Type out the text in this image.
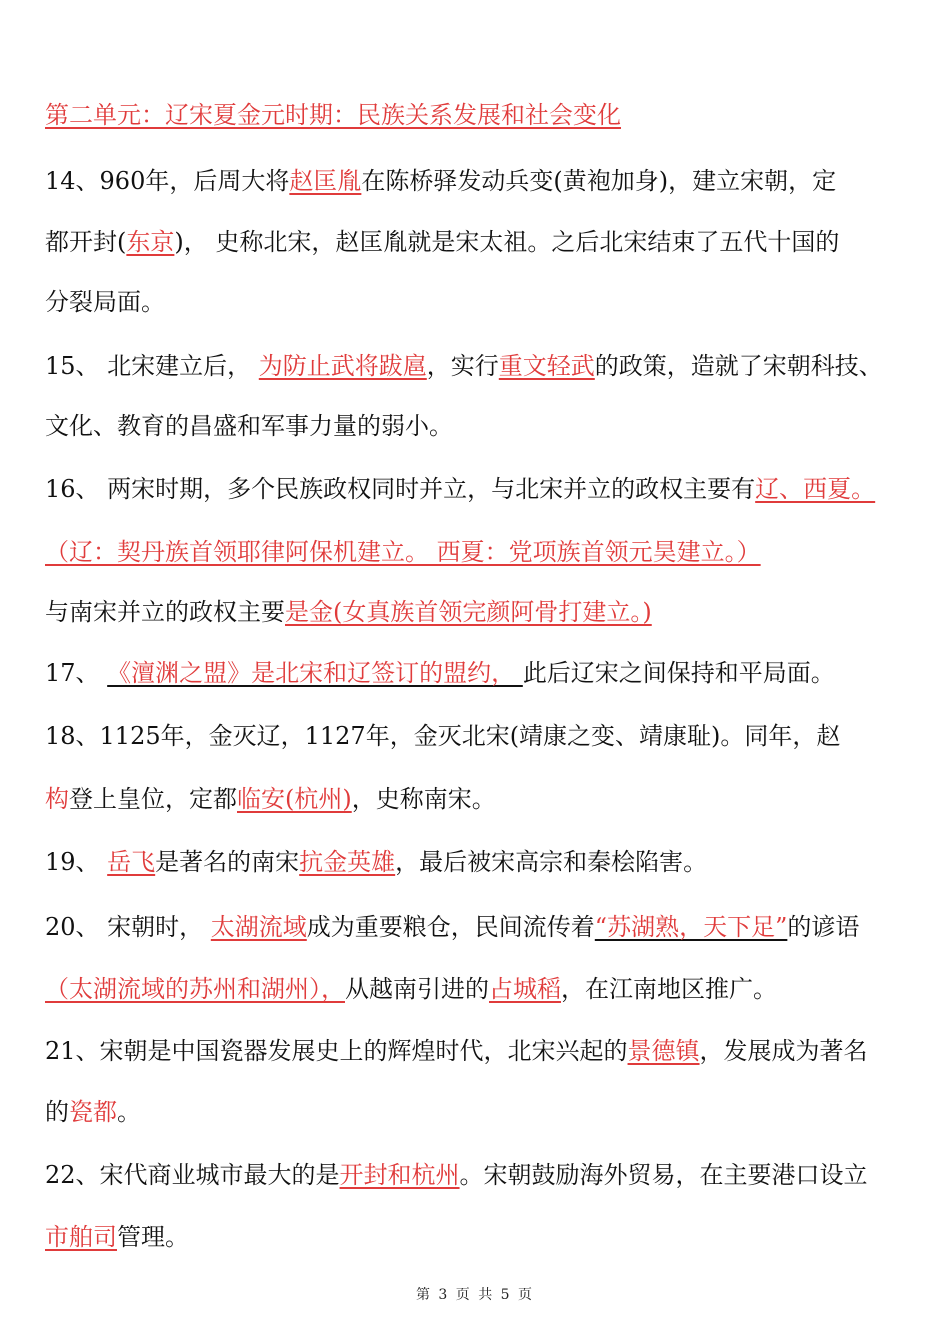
第二单元：辽宋夏金元时期：民族关系发展和社会变化
14、960年，后周大将赵匡胤在陈桥驿发动兵变(黄袍加身)，建立宋朝，定
都开封(东京)， 史称北宋，赵匡胤就是宋太祖。之后北宋结束了五代十国的
分裂局面。
15、 北宋建立后， 为防止武将跋扈，实行重文轻武的政策，造就了宋朝科技、
文化、教育的昌盛和军事力量的弱小。
16、 两宋时期，多个民族政权同时并立，与北宋并立的政权主要有辽、西夏。
（辽：契丹族首领耶律阿保机建立。 西夏：党项族首领元昊建立。）
与南宋并立的政权主要是金(女真族首领完颜阿骨打建立。)
17、 《澶渊之盟》是北宋和辽签订的盟约， 此后辽宋之间保持和平局面。
18、1125年，金灭辽，1127年，金灭北宋(靖康之变、靖康耻)。同年，赵
构登上皇位，定都临安(杭州)，史称南宋。
19、 岳飞是著名的南宋抗金英雄，最后被宋高宗和秦桧陷害。
20、 宋朝时， 太湖流域成为重要粮仓，民间流传着“苏湖熟，天下足”的谚语
（太湖流域的苏州和湖州），从越南引进的占城稻，在江南地区推广。
21、宋朝是中国瓷器发展史上的辉煌时代，北宋兴起的景德镇，发展成为著名
的瓷都。
22、宋代商业城市最大的是开封和杭州。宋朝鼓励海外贸易，在主要港口设立
市舶司管理。
第 3 页 共 5 页
